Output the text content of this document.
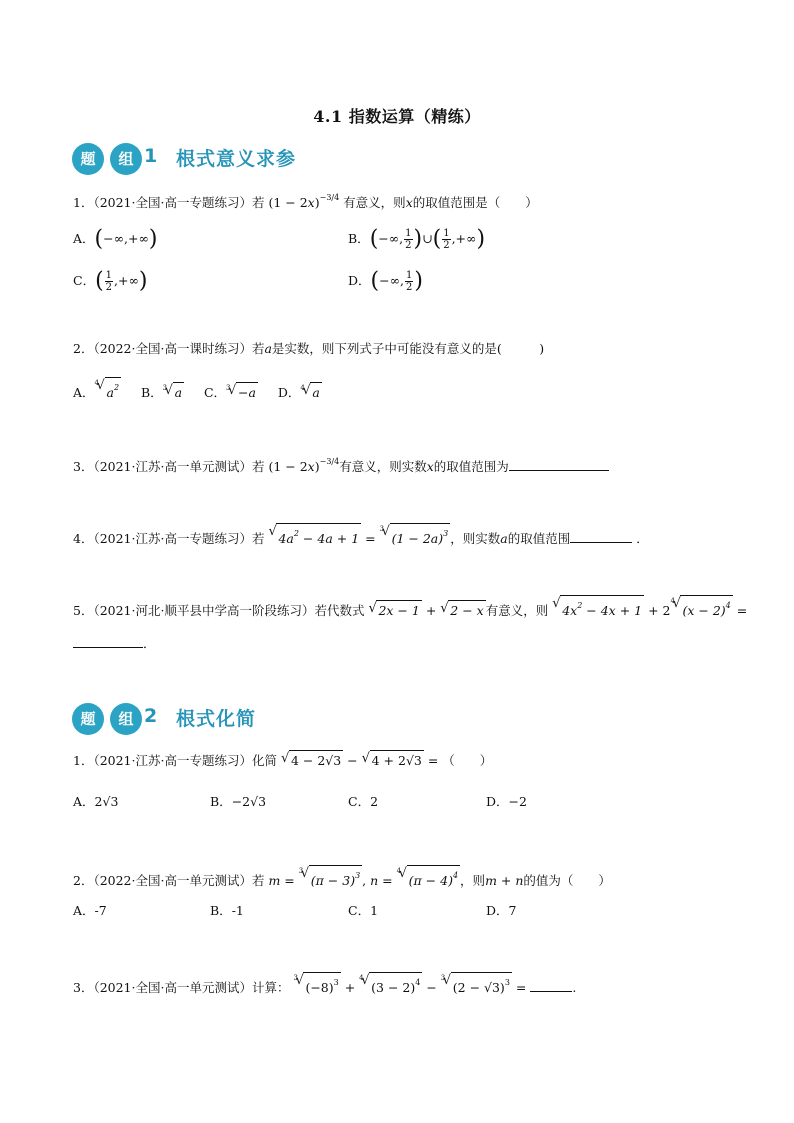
4.1 指数运算（精练）
题	组 1 根式意义求参
1．（2021·全国·高一专题练习）若 $(1 - 2x)^{-3/4}$ 有意义，则x的取值范围是（　　）
A．(−∞,+∞)	B．(−∞, $\frac{1}{2}$ )∪( $\frac{1}{2}$ ,+∞)
C．( $\frac{1}{2}$ ,+∞)	D．(−∞, $\frac{1}{2}$ )
2．（2022·全国·高一课时练习）若a是实数，则下列式子中可能没有意义的是(　　　)
A．
√ 4
$a^2$ B． √ 3 a C． √ 3 −a D． √ 4 a
3．（2021·江苏·高一单元测试）若 $(1 - 2x)^{-3/4}$有意义，则实数x的取值范围为
4．（2021·江苏·高一专题练习）若 √ $4a^2 - 4a + 1$ =
√ 3
$(1 - 2a)^3$ ，则实数a的取值范围	．
5．（2021·河北·顺平县中学高一阶段练习）若代数式 √ 2x − 1 + √ 2 − x 有意义，则 √ $4x^2 - 4x + 1 + 2$
√ 4
$(x - 2)^4$ =
．
题	组 2 根式化简
1．（2021·江苏·高一专题练习）化简 √ 4 − 2√3 − √ 4 + 2√3 = （　　）
A．2√3	B．−2√3	C．2	D．−2
2．（2022·全国·高一单元测试）若 m =
√ 3
$(\pi - 3)^3$ , n =
√ 4
$(\pi - 4)^4$ ，则m + n的值为（　　）
A．-7	B．-1	C．1	D．7
3．（2021·全国·高一单元测试）计算：
√ 3
$(-8)^3$ +
√ 4
$(3 - 2)^4$ −
√ 3
$(2 - √3)^3$ =	.
